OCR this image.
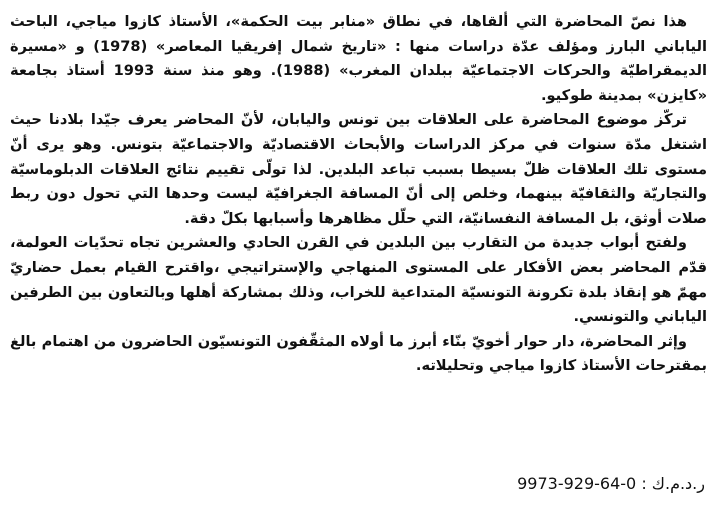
هذا نصّ المحاضرة التي ألقاها، في نطاق «منابر بيت الحكمة»، الأستاذ كازوا مياجي، الباحث الياباني البارز ومؤلف عدّة دراسات منها : «تاريخ شمال إفريقيا المعاصر» (1978) و «مسيرة الديمقراطيّة والحركات الاجتماعيّة ببلدان المغرب» (1988). وهو منذ سنة 1993 أستاذ بجامعة «كايزن» بمدينة طوكيو.

تركّز موضوع المحاضرة على العلاقات بين تونس واليابان، لأنّ المحاضر يعرف جيّدا بلادنا حيث اشتغل مدّة سنوات في مركز الدراسات والأبحاث الاقتصاديّة والاجتماعيّة بتونس. وهو يرى أنّ مستوى تلك العلاقات ظلّ بسيطا بسبب تباعد البلدين. لذا تولّى تقييم نتائج العلاقات الدبلوماسيّة والتجاريّة والثقافيّة بينهما، وخلص إلى أنّ المسافة الجغرافيّة ليست وحدها التي تحول دون ربط صلات أوثق، بل المسافة النفسانيّة، التي حلّل مظاهرها وأسبابها بكلّ دقة.

ولفتح أبواب جديدة من التقارب بين البلدين في القرن الحادي والعشرين تجاه تحدّيات العولمة، قدّم المحاضر بعض الأفكار على المستوى المنهاجي والإستراتيجي ،واقترح القيام بعمل حضاريّ مهمّ هو إنقاذ بلدة تكرونة التونسيّة المتداعية للخراب، وذلك بمشاركة أهلها وبالتعاون بين الطرفين الياباني والتونسي.

وإثر المحاضرة، دار حوار أخويّ بنّاء أبرز ما أولاه المثقّفون التونسيّون الحاضرون من اهتمام بالغ بمقترحات الأستاذ كازوا مياجي وتحليلاته.

ر.د.م.ك : 9973-929-64-0
